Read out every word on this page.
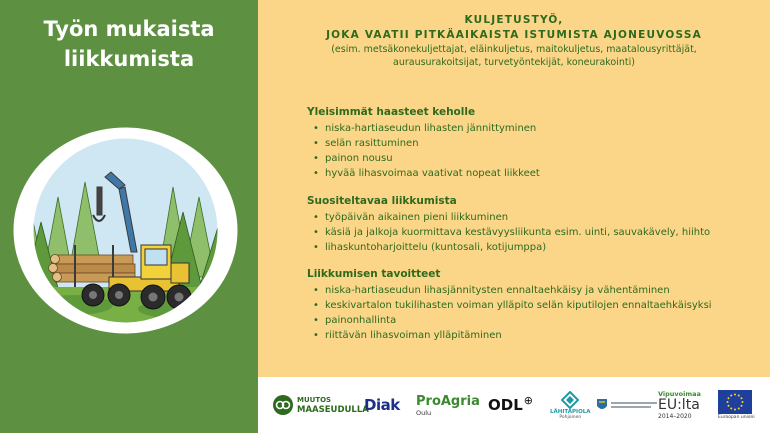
Työn mukaista
liikkumista
KULJETUSTYÖ,
JOKA VAATII PITKÄAIKAISTA ISTUMISTA AJONEUVOSSA
(esim. metsäkonekuljettajat, eläinkuljetus, maitokuljetus, maatalousyrittäjät,
aurausurakoitsijat, turvetyöntekijät, koneurakointi)
Yleisimmät haasteet keholle
• niska-hartiaseudun lihasten jännittyminen
• selän rasittuminen
• painon nousu
• hyvää lihasvoimaa vaativat nopeat liikkeet
Suositeltavaa liikkumista
• työpäivän aikainen pieni liikkuminen
• käsiä ja jalkoja kuormittava kestävyysliikunta esim. uinti, sauvakävely, hiihto
• lihaskuntoharjoittelu (kuntosali, kotijumppa)
Liikkumisen tavoitteet
• niska-hartiaseudun lihasjännitysten ennaltaehkäisy ja vähentäminen
• keskivartalon tukilihasten voiman ylläpito selän kiputilojen ennaltaehkäisyksi
• painonhallinta
• riittävän lihasvoiman ylläpitäminen
MUUTOS
MAASEUDULLA
Diak ProAgria
Oulu	ODL ⊕
LÄHITAPIOLA
Pohjoinen
Vipuvoimaa
EU:lta
2014–2020	Euroopan unioni
